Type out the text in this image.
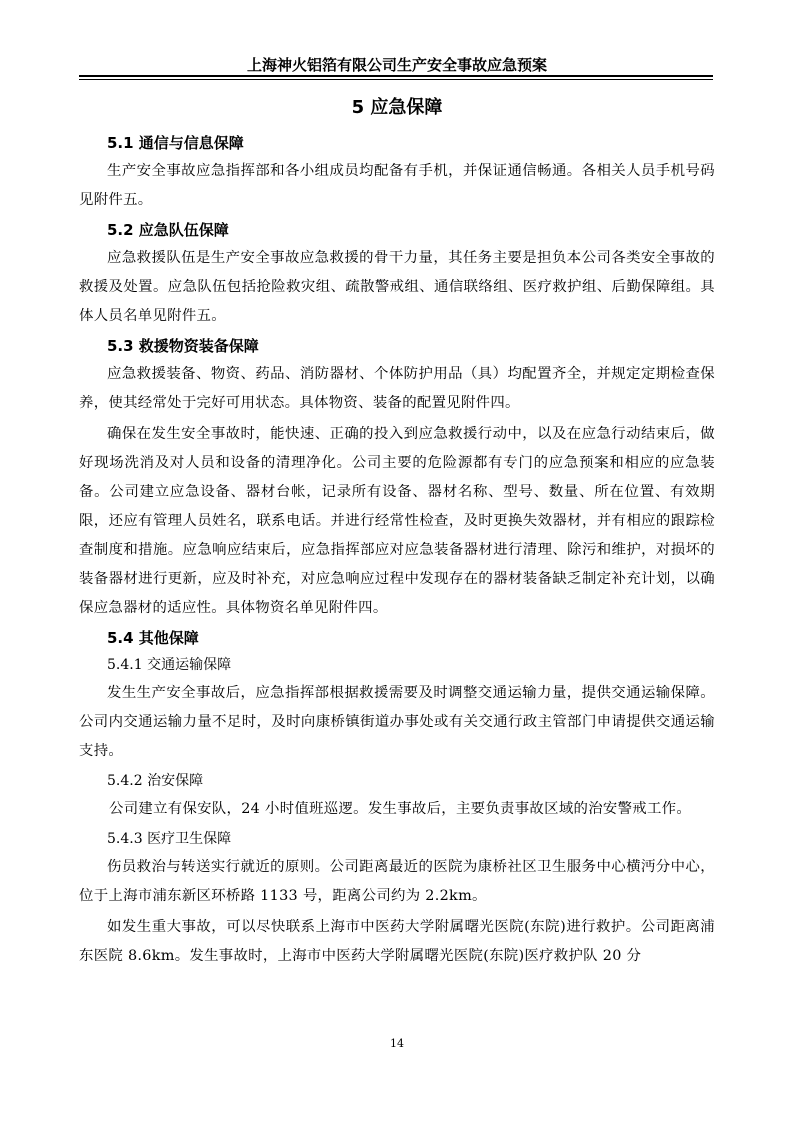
上海神火铝箔有限公司生产安全事故应急预案
5 应急保障
5.1 通信与信息保障

生产安全事故应急指挥部和各小组成员均配备有手机，并保证通信畅通。各相关人员手机号码见附件五。

5.2 应急队伍保障

应急救援队伍是生产安全事故应急救援的骨干力量，其任务主要是担负本公司各类安全事故的救援及处置。应急队伍包括抢险救灾组、疏散警戒组、通信联络组、医疗救护组、后勤保障组。具体人员名单见附件五。

5.3 救援物资装备保障

应急救援装备、物资、药品、消防器材、个体防护用品（具）均配置齐全，并规定定期检查保养，使其经常处于完好可用状态。具体物资、装备的配置见附件四。

确保在发生安全事故时，能快速、正确的投入到应急救援行动中，以及在应急行动结束后，做好现场洗消及对人员和设备的清理净化。公司主要的危险源都有专门的应急预案和相应的应急装备。公司建立应急设备、器材台帐，记录所有设备、器材名称、型号、数量、所在位置、有效期限，还应有管理人员姓名，联系电话。并进行经常性检查，及时更换失效器材，并有相应的跟踪检查制度和措施。应急响应结束后，应急指挥部应对应急装备器材进行清理、除污和维护，对损坏的装备器材进行更新，应及时补充，对应急响应过程中发现存在的器材装备缺乏制定补充计划，以确保应急器材的适应性。具体物资名单见附件四。

5.4 其他保障
5.4.1 交通运输保障

发生生产安全事故后，应急指挥部根据救援需要及时调整交通运输力量，提供交通运输保障。公司内交通运输力量不足时，及时向康桥镇街道办事处或有关交通行政主管部门申请提供交通运输支持。

5.4.2 治安保障

公司建立有保安队，24 小时值班巡逻。发生事故后，主要负责事故区域的治安警戒工作。

5.4.3 医疗卫生保障

伤员救治与转送实行就近的原则。公司距离最近的医院为康桥社区卫生服务中心横沔分中心，位于上海市浦东新区环桥路 1133 号，距离公司约为 2.2km。

如发生重大事故，可以尽快联系上海市中医药大学附属曙光医院(东院)进行救护。公司距离浦东医院 8.6km。发生事故时，上海市中医药大学附属曙光医院(东院)医疗救护队 20 分

14
